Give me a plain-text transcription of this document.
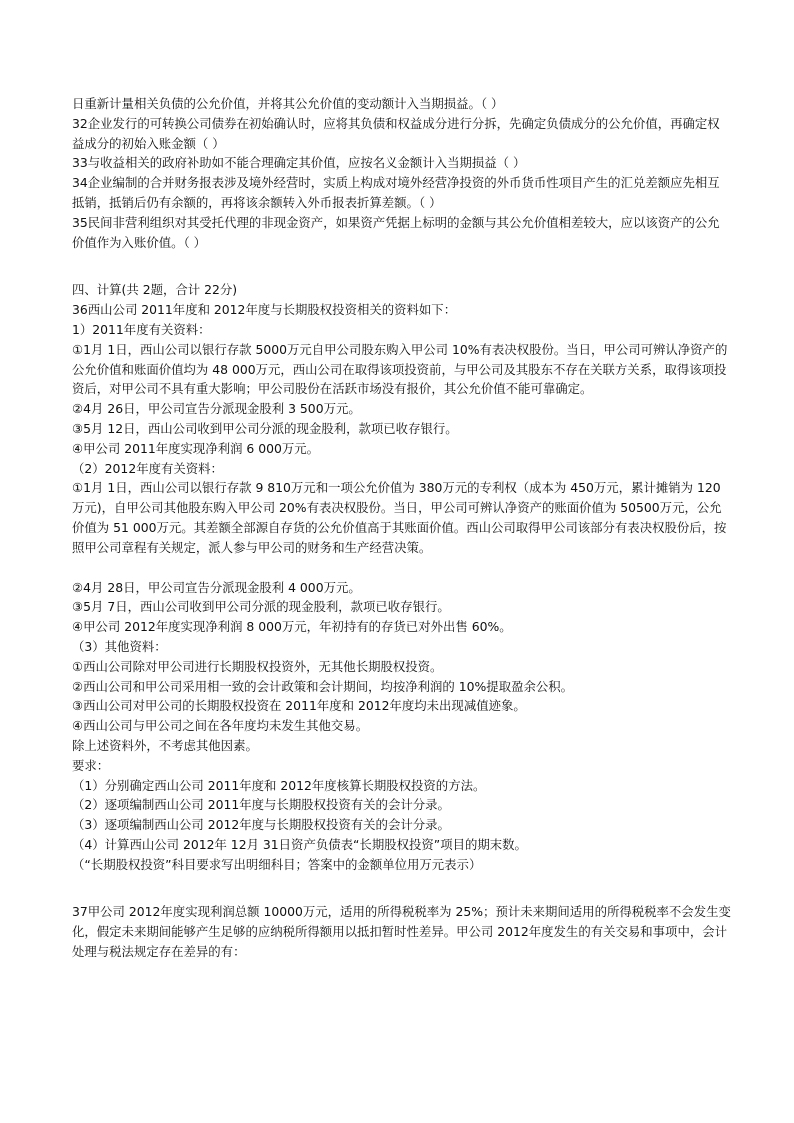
日重新计量相关负债的公允价值，并将其公允价值的变动额计入当期损益。（ ）

32企业发行的可转换公司债券在初始确认时，应将其负债和权益成分进行分拆，先确定负债成分的公允价值，再确定权益成分的初始入账金额（ ）

33与收益相关的政府补助如不能合理确定其价值，应按名义金额计入当期损益（ ）

34企业编制的合并财务报表涉及境外经营时，实质上构成对境外经营净投资的外币货币性项目产生的汇兑差额应先相互抵销，抵销后仍有余额的，再将该余额转入外币报表折算差额。（ ）

35民间非营利组织对其受托代理的非现金资产，如果资产凭据上标明的金额与其公允价值相差较大，应以该资产的公允价值作为入账价值。（ ）

四、计算(共 2题，合计 22分)

36西山公司 2011年度和 2012年度与长期股权投资相关的资料如下：

1）2011年度有关资料：

①1月 1日，西山公司以银行存款 5000万元自甲公司股东购入甲公司 10%有表决权股份。当日，甲公司可辨认净资产的公允价值和账面价值均为 48 000万元，西山公司在取得该项投资前，与甲公司及其股东不存在关联方关系，取得该项投资后，对甲公司不具有重大影响；甲公司股份在活跃市场没有报价，其公允价值不能可靠确定。

②4月 26日，甲公司宣告分派现金股利 3 500万元。

③5月 12日，西山公司收到甲公司分派的现金股利，款项已收存银行。

④甲公司 2011年度实现净利润 6 000万元。

（2）2012年度有关资料：

①1月 1日，西山公司以银行存款 9 810万元和一项公允价值为 380万元的专利权（成本为 450万元，累计摊销为 120万元)，自甲公司其他股东购入甲公司 20%有表决权股份。当日，甲公司可辨认净资产的账面价值为 50500万元，公允价值为 51 000万元。其差额全部源自存货的公允价值高于其账面价值。西山公司取得甲公司该部分有表决权股份后，按照甲公司章程有关规定，派人参与甲公司的财务和生产经营决策。

②4月 28日，甲公司宣告分派现金股利 4 000万元。

③5月 7日，西山公司收到甲公司分派的现金股利，款项已收存银行。

④甲公司 2012年度实现净利润 8 000万元，年初持有的存货已对外出售 60%。

（3）其他资料：

①西山公司除对甲公司进行长期股权投资外，无其他长期股权投资。

②西山公司和甲公司采用相一致的会计政策和会计期间，均按净利润的 10%提取盈余公积。

③西山公司对甲公司的长期股权投资在 2011年度和 2012年度均未出现减值迹象。

④西山公司与甲公司之间在各年度均未发生其他交易。

除上述资料外，不考虑其他因素。

要求：

（1）分别确定西山公司 2011年度和 2012年度核算长期股权投资的方法。

（2）逐项编制西山公司 2011年度与长期股权投资有关的会计分录。

（3）逐项编制西山公司 2012年度与长期股权投资有关的会计分录。

（4）计算西山公司 2012年 12月 31日资产负债表“长期股权投资”项目的期末数。

（“长期股权投资”科目要求写出明细科目；答案中的金额单位用万元表示）

37甲公司 2012年度实现利润总额 10000万元，适用的所得税税率为 25%；预计未来期间适用的所得税税率不会发生变化，假定未来期间能够产生足够的应纳税所得额用以抵扣暂时性差异。甲公司 2012年度发生的有关交易和事项中，会计处理与税法规定存在差异的有：
